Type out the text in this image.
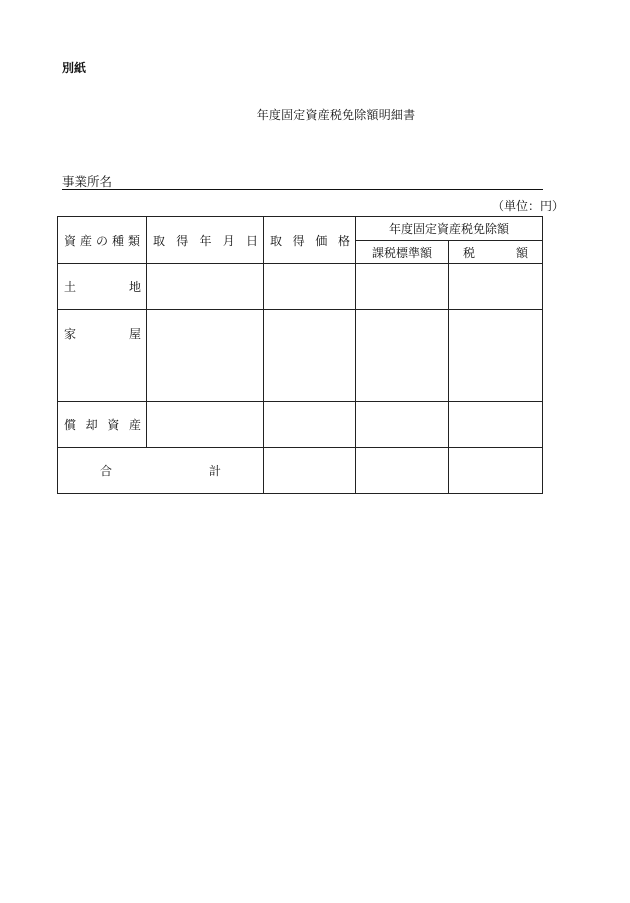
別紙
年度固定資産税免除額明細書
事業所名
（単位：円）
資 産 の 種 類	取 得 年 月 日	取 得 価 格	年度固定資産税免除額	
			課税標準額	税 額

土 地				

家 屋				

償 却 資 産				

合 計				
